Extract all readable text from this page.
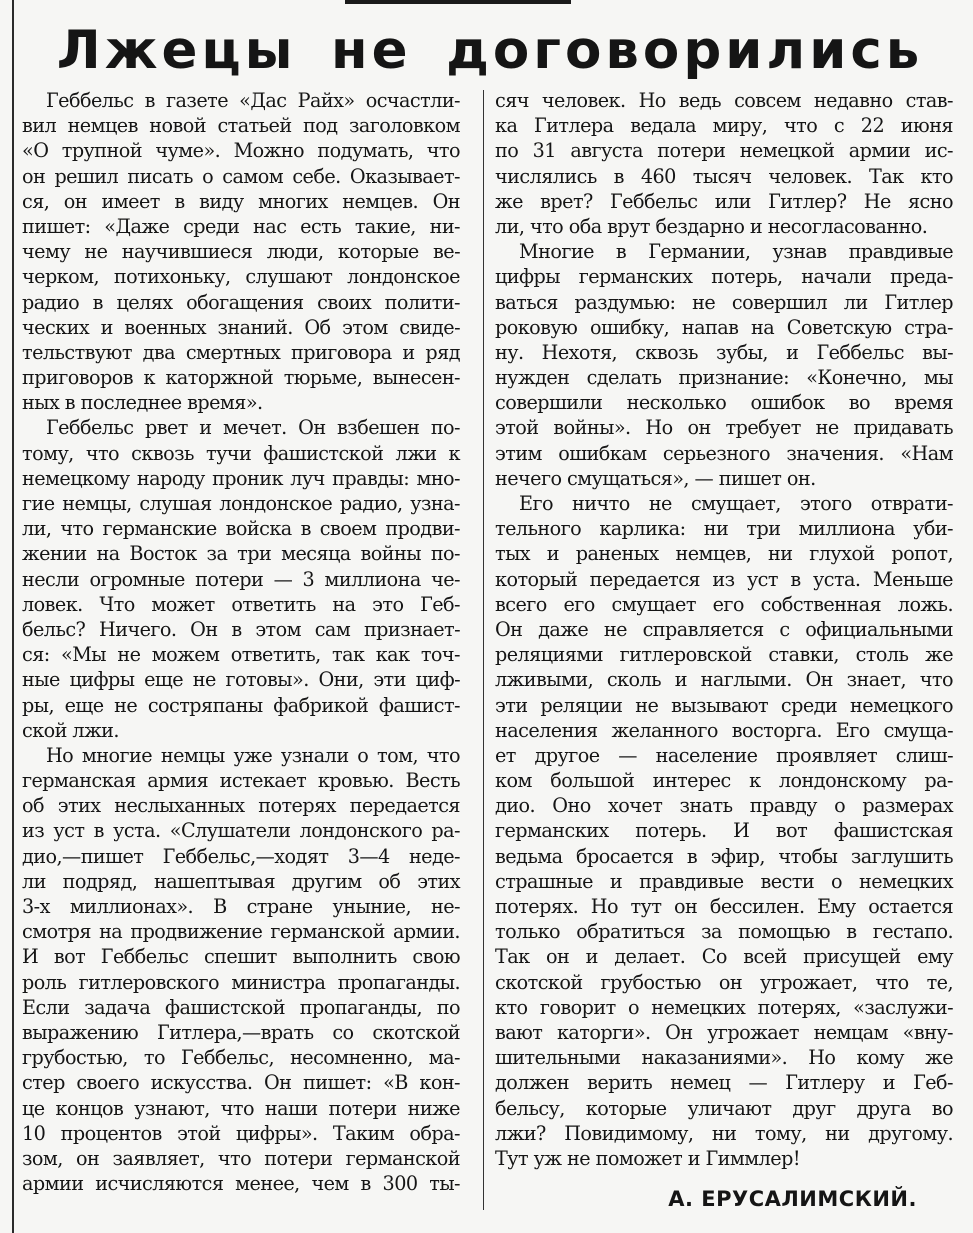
Лжецы не договорились
Геббельс в газете «Дас Райх» осчастли-
вил немцев новой статьей под заголовком
«О трупной чуме». Можно подумать, что
он решил писать о самом себе. Оказывает-
ся, он имеет в виду многих немцев. Он
пишет: «Даже среди нас есть такие, ни-
чему не научившиеся люди, которые ве-
черком, потихоньку, слушают лондонское
радио в целях обогащения своих полити-
ческих и военных знаний. Об этом свиде-
тельствуют два смертных приговора и ряд
приговоров к каторжной тюрьме, вынесен-
ных в последнее время».
Геббельс рвет и мечет. Он взбешен по-
тому, что сквозь тучи фашистской лжи к
немецкому народу проник луч правды: мно-
гие немцы, слушая лондонское радио, узна-
ли, что германские войска в своем продви-
жении на Восток за три месяца войны по-
несли огромные потери — 3 миллиона че-
ловек. Что может ответить на это Геб-
бельс? Ничего. Он в этом сам признает-
ся: «Мы не можем ответить, так как точ-
ные цифры еще не готовы». Они, эти циф-
ры, еще не состряпаны фабрикой фашист-
ской лжи.
Но многие немцы уже узнали о том, что
германская армия истекает кровью. Весть
об этих неслыханных потерях передается
из уст в уста. «Слушатели лондонского ра-
дио,—пишет Геббельс,—ходят 3—4 неде-
ли подряд, нашептывая другим об этих
3-х миллионах». В стране уныние, не-
смотря на продвижение германской армии.
И вот Геббельс спешит выполнить свою
роль гитлеровского министра пропаганды.
Если задача фашистской пропаганды, по
выражению Гитлера,—врать со скотской
грубостью, то Геббельс, несомненно, ма-
стер своего искусства. Он пишет: «В кон-
це концов узнают, что наши потери ниже
10 процентов этой цифры». Таким обра-
зом, он заявляет, что потери германской
армии исчисляются менее, чем в 300 ты-
сяч человек. Но ведь совсем недавно став-
ка Гитлера ведала миру, что с 22 июня
по 31 августа потери немецкой армии ис-
числялись в 460 тысяч человек. Так кто
же врет? Геббельс или Гитлер? Не ясно
ли, что оба врут бездарно и несогласованно.
Многие в Германии, узнав правдивые
цифры германских потерь, начали преда-
ваться раздумью: не совершил ли Гитлер
роковую ошибку, напав на Советскую стра-
ну. Нехотя, сквозь зубы, и Геббельс вы-
нужден сделать признание: «Конечно, мы
совершили несколько ошибок во время
этой войны». Но он требует не придавать
этим ошибкам серьезного значения. «Нам
нечего смущаться», — пишет он.
Его ничто не смущает, этого отврати-
тельного карлика: ни три миллиона уби-
тых и раненых немцев, ни глухой ропот,
который передается из уст в уста. Меньше
всего его смущает его собственная ложь.
Он даже не справляется с официальными
реляциями гитлеровской ставки, столь же
лживыми, сколь и наглыми. Он знает, что
эти реляции не вызывают среди немецкого
населения желанного восторга. Его смуща-
ет другое — население проявляет слиш-
ком большой интерес к лондонскому ра-
дио. Оно хочет знать правду о размерах
германских потерь. И вот фашистская
ведьма бросается в эфир, чтобы заглушить
страшные и правдивые вести о немецких
потерях. Но тут он бессилен. Ему остается
только обратиться за помощью в гестапо.
Так он и делает. Со всей присущей ему
скотской грубостью он угрожает, что те,
кто говорит о немецких потерях, «заслужи-
вают каторги». Он угрожает немцам «вну-
шительными наказаниями». Но кому же
должен верить немец — Гитлеру и Геб-
бельсу, которые уличают друг друга во
лжи? Повидимому, ни тому, ни другому.
Тут уж не поможет и Гиммлер!
А. ЕРУСАЛИМСКИЙ.
